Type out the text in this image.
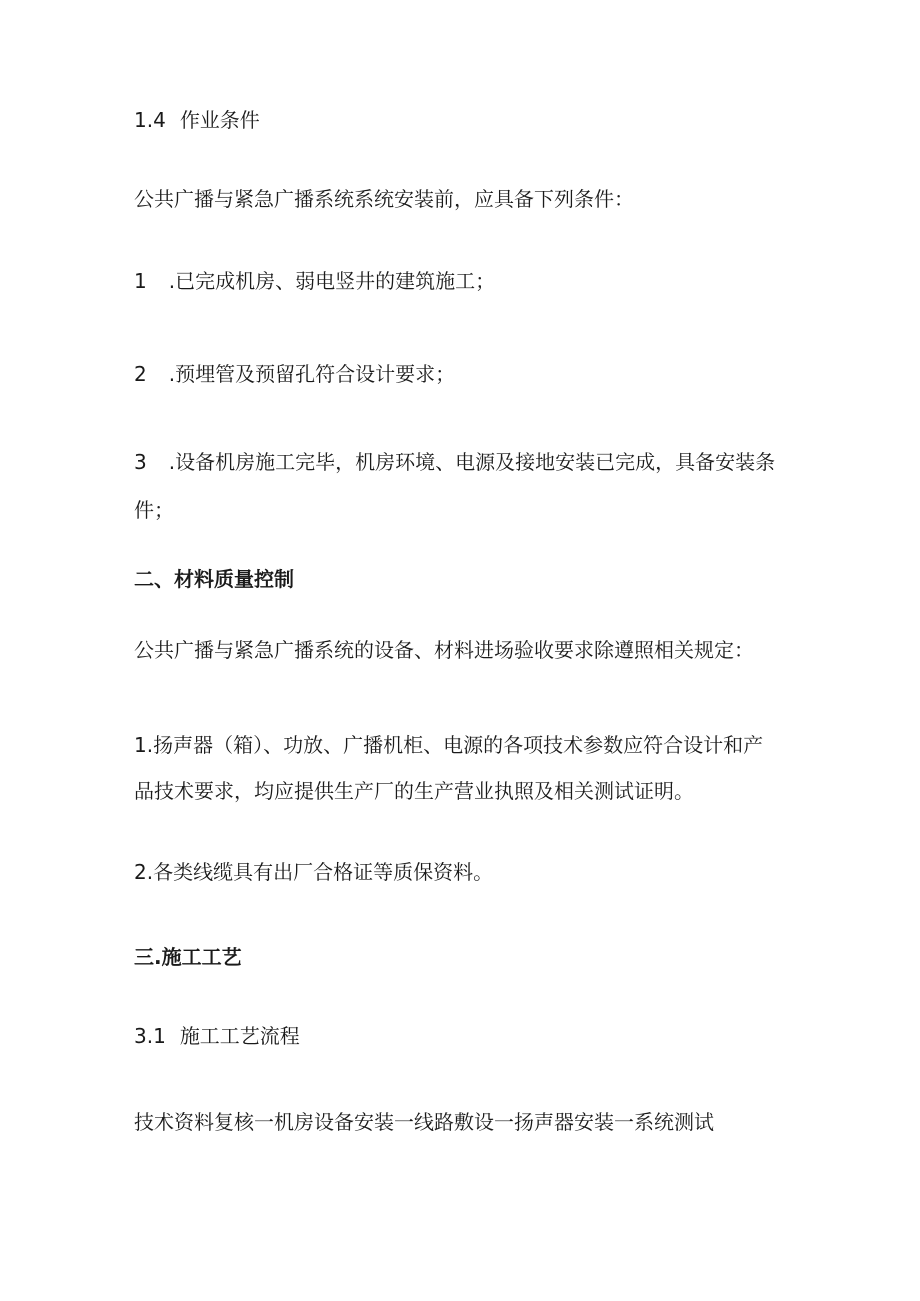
1.4 作业条件
公共广播与紧急广播系统系统安装前，应具备下列条件：
1 .已完成机房、弱电竖井的建筑施工；
2 .预埋管及预留孔符合设计要求；
3 .设备机房施工完毕，机房环境、电源及接地安装已完成，具备安装条
件；
二、材料质量控制
公共广播与紧急广播系统的设备、材料进场验收要求除遵照相关规定：
1.扬声器（箱）、功放、广播机柜、电源的各项技术参数应符合设计和产
品技术要求，均应提供生产厂的生产营业执照及相关测试证明。
2.各类线缆具有出厂合格证等质保资料。
三.施工工艺
3.1 施工工艺流程
技术资料复核一机房设备安装一线路敷设一扬声器安装一系统测试
